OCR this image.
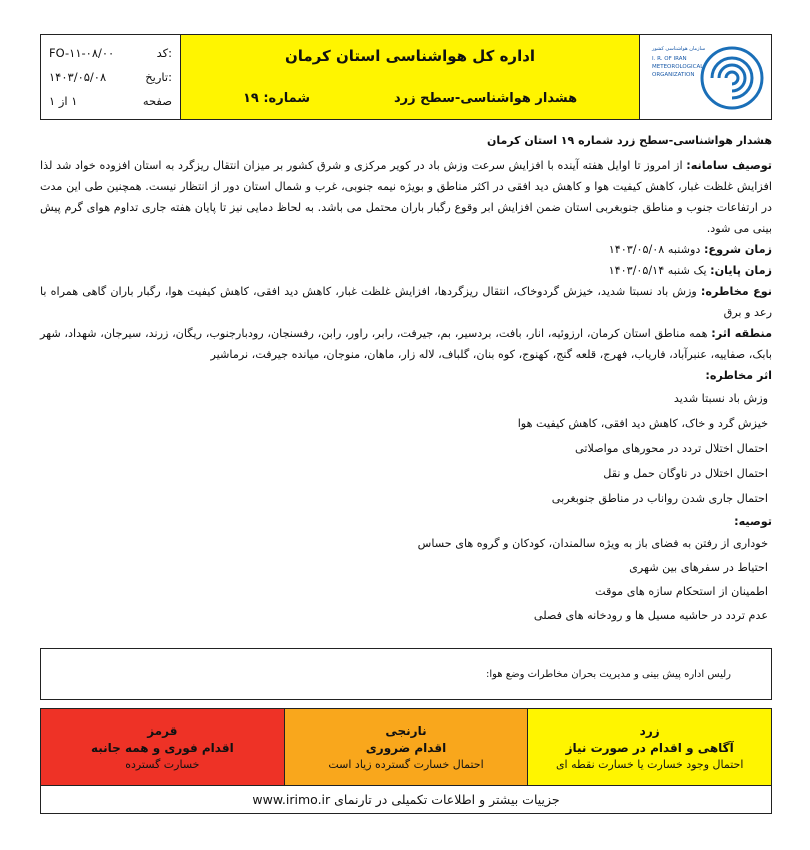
FO-۱۱-۰۸/۰۰	کد:
۱۴۰۳/۰۵/۰۸	تاریخ:
صفحه
۱ از ۱
اداره کل هواشناسی استان کرمان
هشدار هواشناسی-سطح زرد
شماره: ۱۹
سازمان هواشناسی کشور
I. R. OF IRAN
METEOROLOGICAL
ORGANIZATION
هشدار هواشناسی-سطح زرد شماره ۱۹ استان کرمان

توصیف سامانه: از امروز تا اوایل هفته آینده با افزایش سرعت وزش باد در کویر مرکزی و شرق کشور بر میزان انتقال ریزگرد به استان افزوده خواد شد لذا افزایش غلظت غبار، کاهش کیفیت هوا و کاهش دید افقی در اکثر مناطق و بویژه نیمه جنوبی، غرب و شمال استان دور از انتظار نیست. همچنین طی این مدت در ارتفاعات جنوب و مناطق جنوبغربی استان ضمن افزایش ابر وقوع رگبار باران محتمل می باشد. به لحاظ دمایی نیز تا پایان هفته جاری تداوم هوای گرم پیش بینی می شود.

زمان شروع: دوشنبه ۱۴۰۳/۰۵/۰۸
زمان پایان: یک شنبه ۱۴۰۳/۰۵/۱۴

نوع مخاطره: وزش باد نسبتا شدید، خیزش گردوخاک، انتقال ریزگردها، افزایش غلظت غبار، کاهش دید افقی، کاهش کیفیت هوا، رگبار باران گاهی همراه با رعد و برق

منطقه اثر: همه مناطق استان کرمان، ارزوئیه، انار، بافت، بردسیر، بم، جیرفت، رابر، راور، رابن، رفسنجان، رودبارجنوب، ریگان، زرند، سیرجان، شهداد، شهر بابک، صفاییه، عنبرآباد، فاریاب، فهرج، قلعه گنج، کهنوج، کوه بنان، گلباف، لاله زار، ماهان، منوجان، میانده جیرفت، نرماشیر

اثر مخاطره:
وزش باد نسبتا شدید
خیزش گرد و خاک، کاهش دید افقی، کاهش کیفیت هوا
احتمال اختلال تردد در محورهای مواصلاتی
احتمال اختلال در ناوگان حمل و نقل
احتمال جاری شدن رواناب در مناطق جنوبغربی
توصیه:
خوداری از رفتن به فضای باز به ویژه سالمندان، کودکان و گروه های حساس
احتیاط در سفرهای بین شهری
اطمینان از استحکام سازه های موقت
عدم تردد در حاشیه مسیل ها و رودخانه های فصلی
رلیس اداره پیش بینی و مدیریت بحران مخاطرات وضع هوا:
زرد
آگاهی و اقدام در صورت نیاز
احتمال وجود خسارت یا خسارت نقطه ای
نارنجی
اقدام ضروری
احتمال خسارت گسترده زیاد است
قرمز
اقدام فوری و همه جانبه
خسارت گسترده
جزییات بیشتر و اطلاعات تکمیلی در تارنمای www.irimo.ir
